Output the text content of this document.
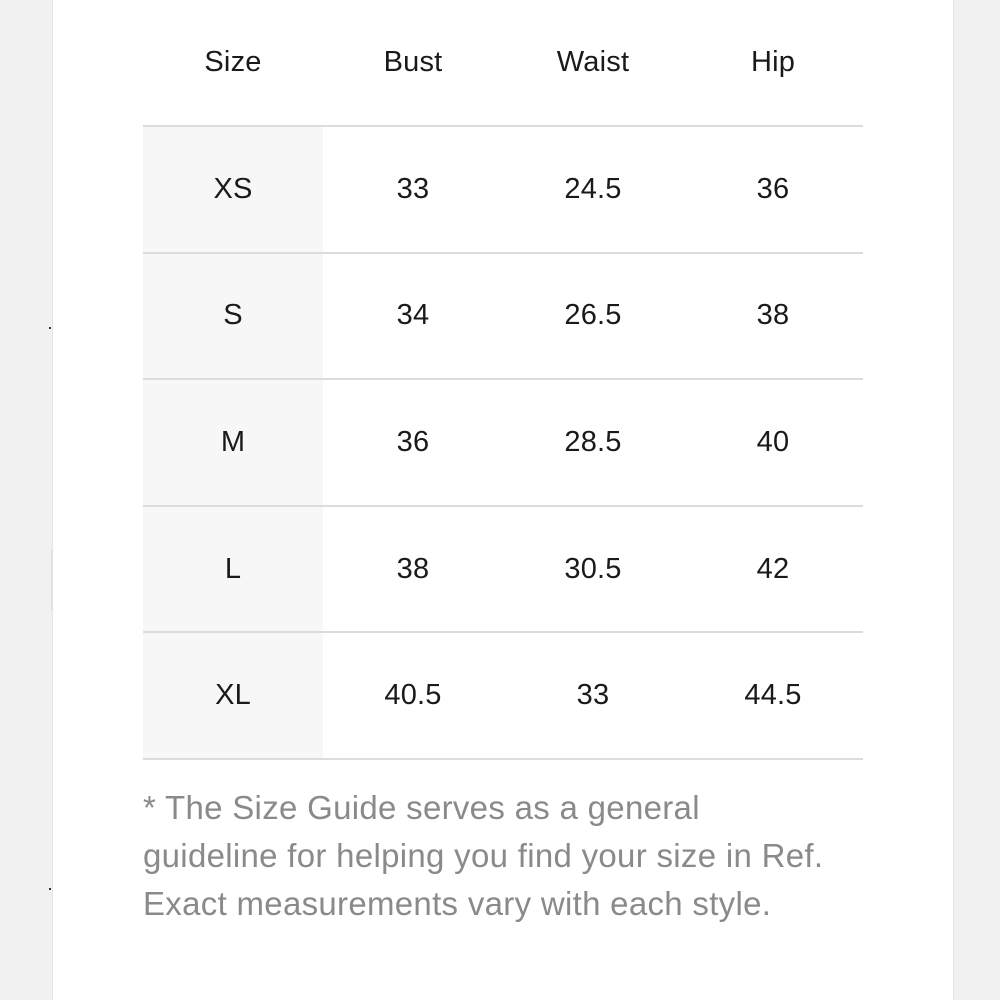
Size	Bust	Waist	Hip
XS	33	24.5	36
S	34	26.5	38
M	36	28.5	40
L	38	30.5	42
XL	40.5	33	44.5
* The Size Guide serves as a general guideline for helping you find your size in Ref. Exact measurements vary with each style.
